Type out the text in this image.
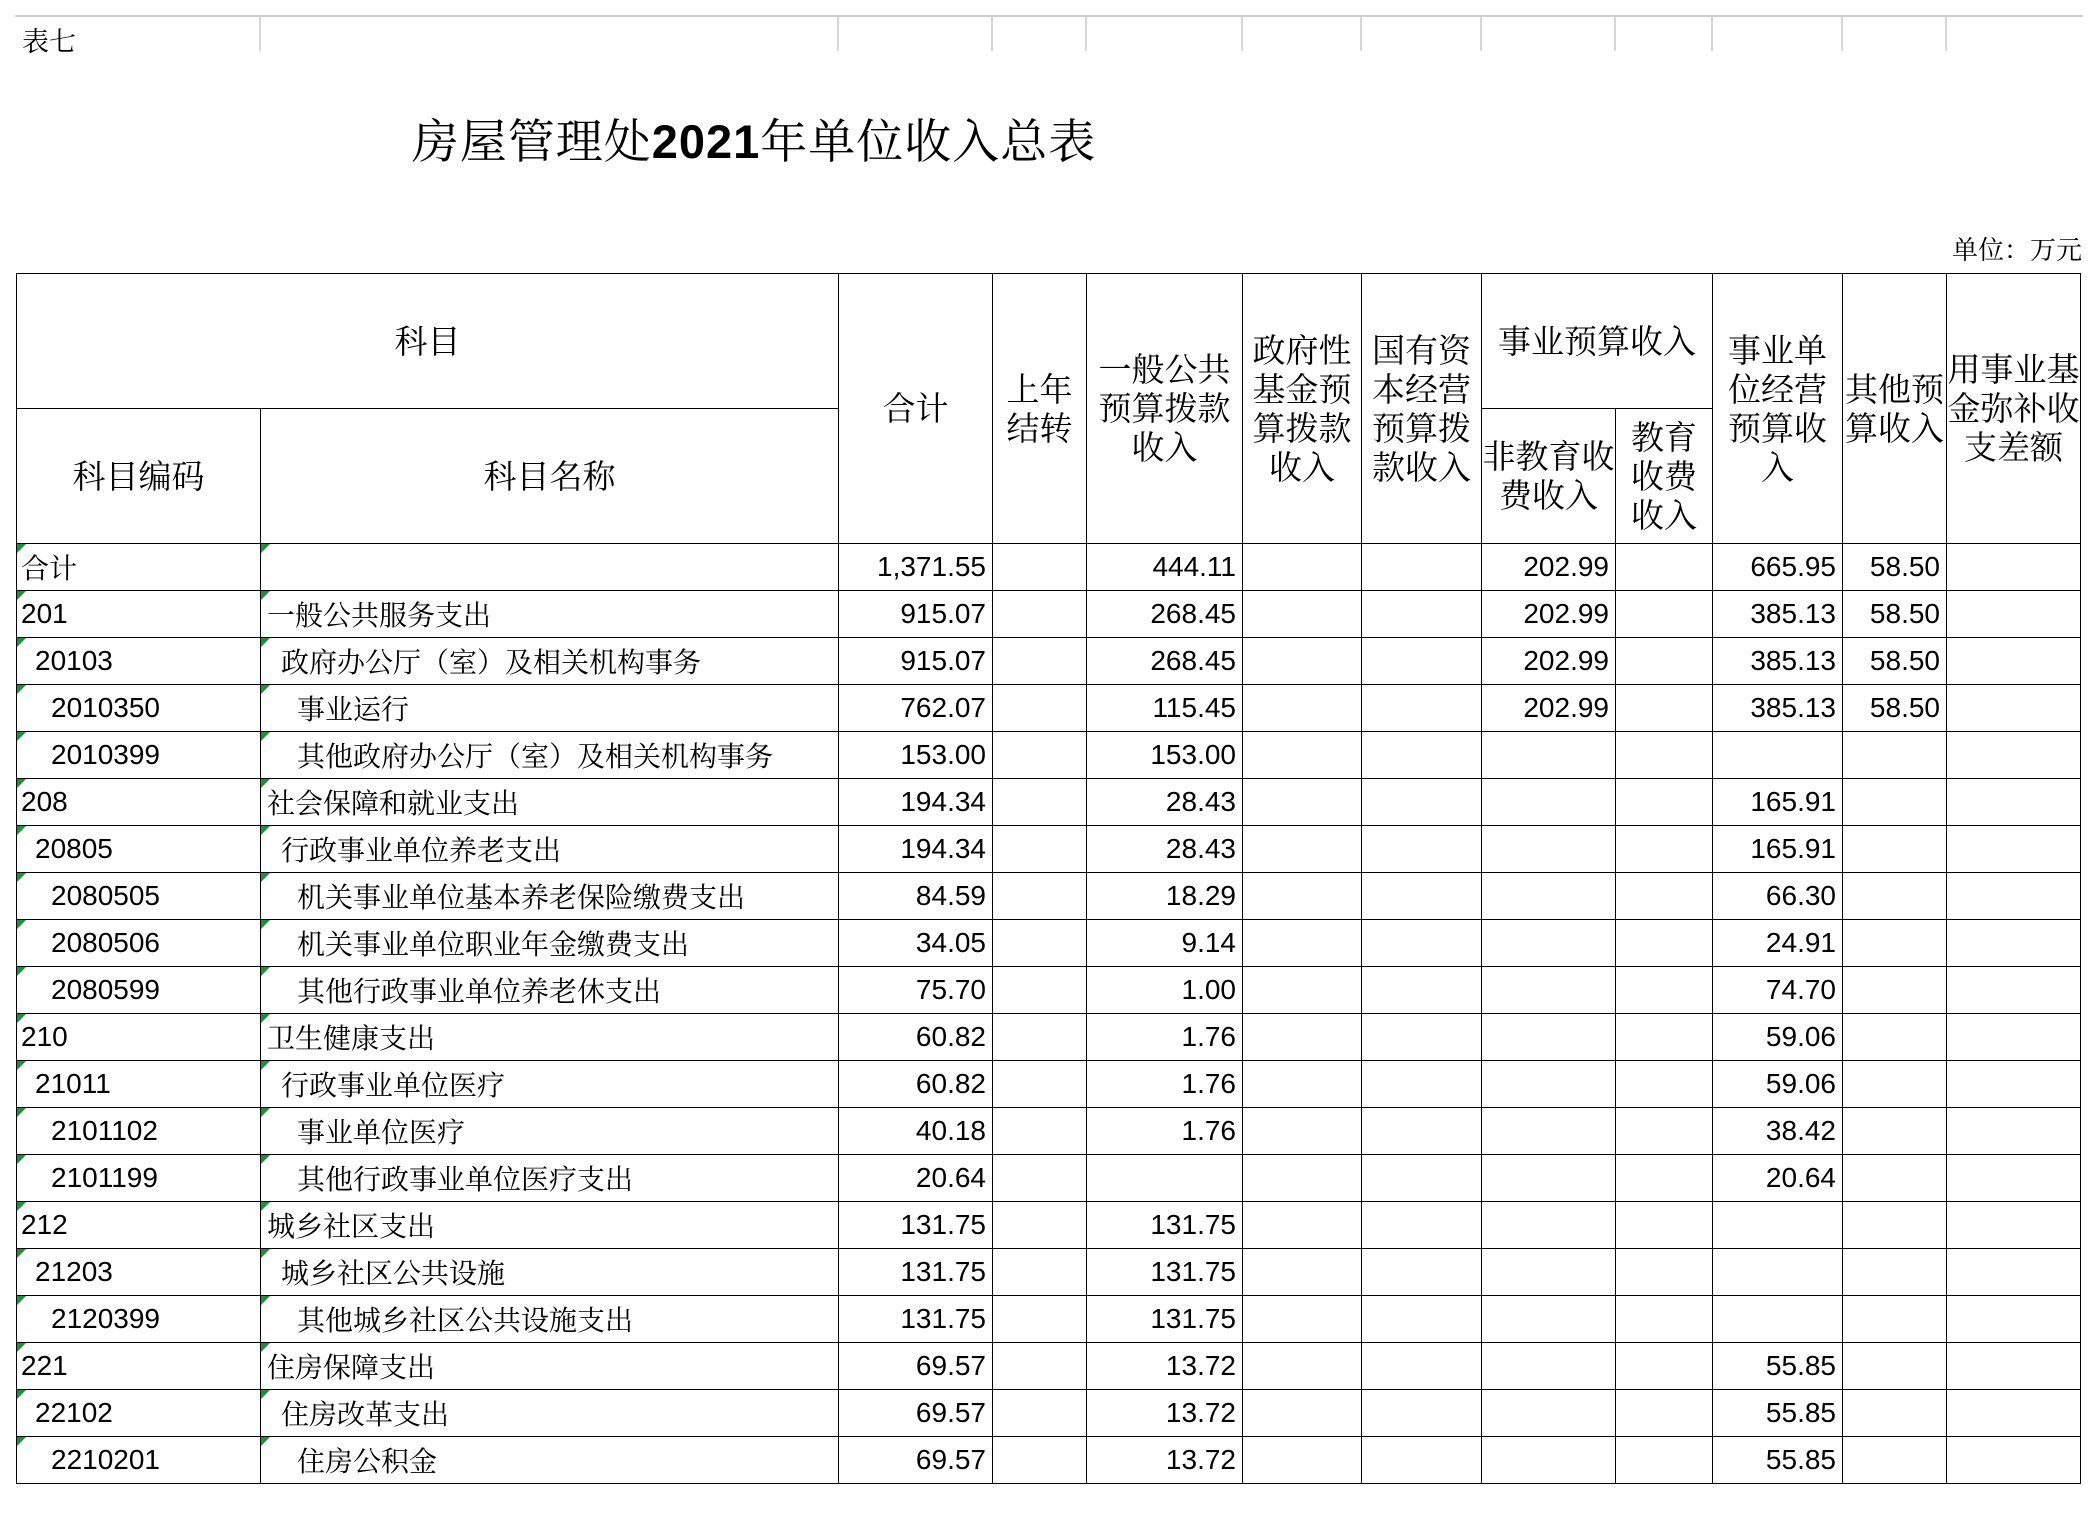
表七
房屋管理处2021年单位收入总表
单位：万元
科目		合计	上年结转	一般公共预算拨款收入	政府性基金预算拨款收入	国有资本经营预算拨款收入	事业预算收入		事业单位经营预算收入	其他预算收入	用事业基金弥补收支差额
科目编码	科目名称						非教育收费收入	教育收费收入			
合计		1,371.55		444.11			202.99		665.95	58.50	
201	一般公共服务支出	915.07		268.45			202.99		385.13	58.50	
20103	政府办公厅（室）及相关机构事务	915.07		268.45			202.99		385.13	58.50	
2010350	事业运行	762.07		115.45			202.99		385.13	58.50	
2010399	其他政府办公厅（室）及相关机构事务	153.00		153.00							
208	社会保障和就业支出	194.34		28.43					165.91		
20805	行政事业单位养老支出	194.34		28.43					165.91		
2080505	机关事业单位基本养老保险缴费支出	84.59		18.29					66.30		
2080506	机关事业单位职业年金缴费支出	34.05		9.14					24.91		
2080599	其他行政事业单位养老休支出	75.70		1.00					74.70		
210	卫生健康支出	60.82		1.76					59.06		
21011	行政事业单位医疗	60.82		1.76					59.06		
2101102	事业单位医疗	40.18		1.76					38.42		
2101199	其他行政事业单位医疗支出	20.64							20.64		
212	城乡社区支出	131.75		131.75							
21203	城乡社区公共设施	131.75		131.75							
2120399	其他城乡社区公共设施支出	131.75		131.75							
221	住房保障支出	69.57		13.72					55.85		
22102	住房改革支出	69.57		13.72					55.85		
2210201	住房公积金	69.57		13.72					55.85		
